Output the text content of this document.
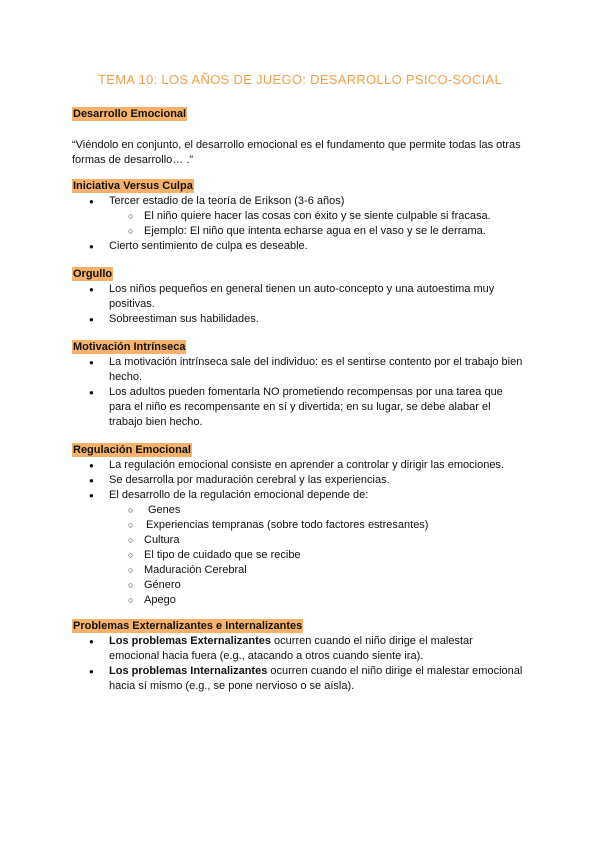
TEMA 10: LOS AÑOS DE JUEGO: DESARROLLO PSICO-SOCIAL
Desarrollo Emocional

“Viéndolo en conjunto, el desarrollo emocional es el fundamento que permite todas las otras formas de desarrollo… .”

Iniciativa Versus Culpa
● Tercer estadio de la teoría de Erikson (3-6 años)
○ El niño quiere hacer las cosas con éxito y se siente culpable si fracasa.
○ Ejemplo: El niño que intenta echarse agua en el vaso y se le derrama.
● Cierto sentimiento de culpa es deseable.
Orgullo
● Los niños pequeños en general tienen un auto-concepto y una autoestima muy positivas.
● Sobreestiman sus habilidades.
Motivación Intrínseca
● La motivación intrínseca sale del individuo: es el sentirse contento por el trabajo bien hecho.
● Los adultos pueden fomentarla NO prometiendo recompensas por una tarea que para el niño es recompensante en sí y divertida; en su lugar, se debe alabar el trabajo bien hecho.
Regulación Emocional
● La regulación emocional consiste en aprender a controlar y dirigir las emociones.
● Se desarrolla por maduración cerebral y las experiencias.
● El desarrollo de la regulación emocional depende de:
○ Genes
○ Experiencias tempranas (sobre todo factores estresantes)
○ Cultura
○ El tipo de cuidado que se recibe
○ Maduración Cerebral
○ Género
○ Apego
Problemas Externalizantes e Internalizantes
● Los problemas Externalizantes ocurren cuando el niño dirige el malestar emocional hacia fuera (e.g., atacando a otros cuando siente ira).
● Los problemas Internalizantes ocurren cuando el niño dirige el malestar emocional hacia sí mismo (e.g., se pone nervioso o se aísla).
